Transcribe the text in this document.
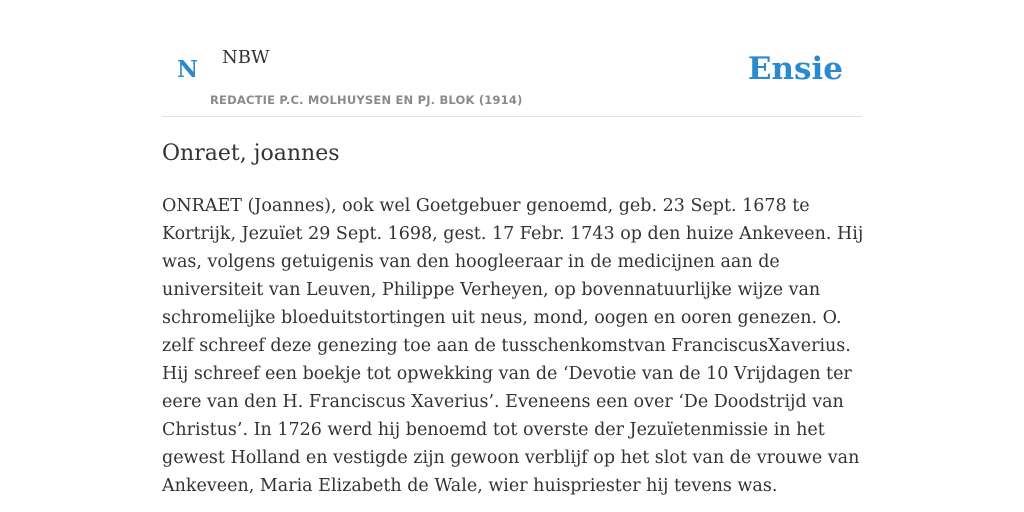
N NBW
REDACTIE P.C. MOLHUYSEN EN PJ. BLOK (1914)
Ensie
Onraet, joannes

ONRAET (Joannes), ook wel Goetgebuer genoemd, geb. 23 Sept. 1678 te Kortrijk, Jezuïet 29 Sept. 1698, gest. 17 Febr. 1743 op den huize Ankeveen. Hij was, volgens getuigenis van den hoogleeraar in de medicijnen aan de universiteit van Leuven, Philippe Verheyen, op bovennatuurlijke wijze van schromelijke bloeduitstortingen uit neus, mond, oogen en ooren genezen. O. zelf schreef deze genezing toe aan de tusschenkomstvan FranciscusXaverius. Hij schreef een boekje tot opwekking van de ‘Devotie van de 10 Vrijdagen ter eere van den H. Franciscus Xaverius’. Eveneens een over ‘De Doodstrijd van Christus’. In 1726 werd hij benoemd tot overste der Jezuïetenmissie in het gewest Holland en vestigde zijn gewoon verblijf op het slot van de vrouwe van Ankeveen, Maria Elizabeth de Wale, wier huispriester hij tevens was.
